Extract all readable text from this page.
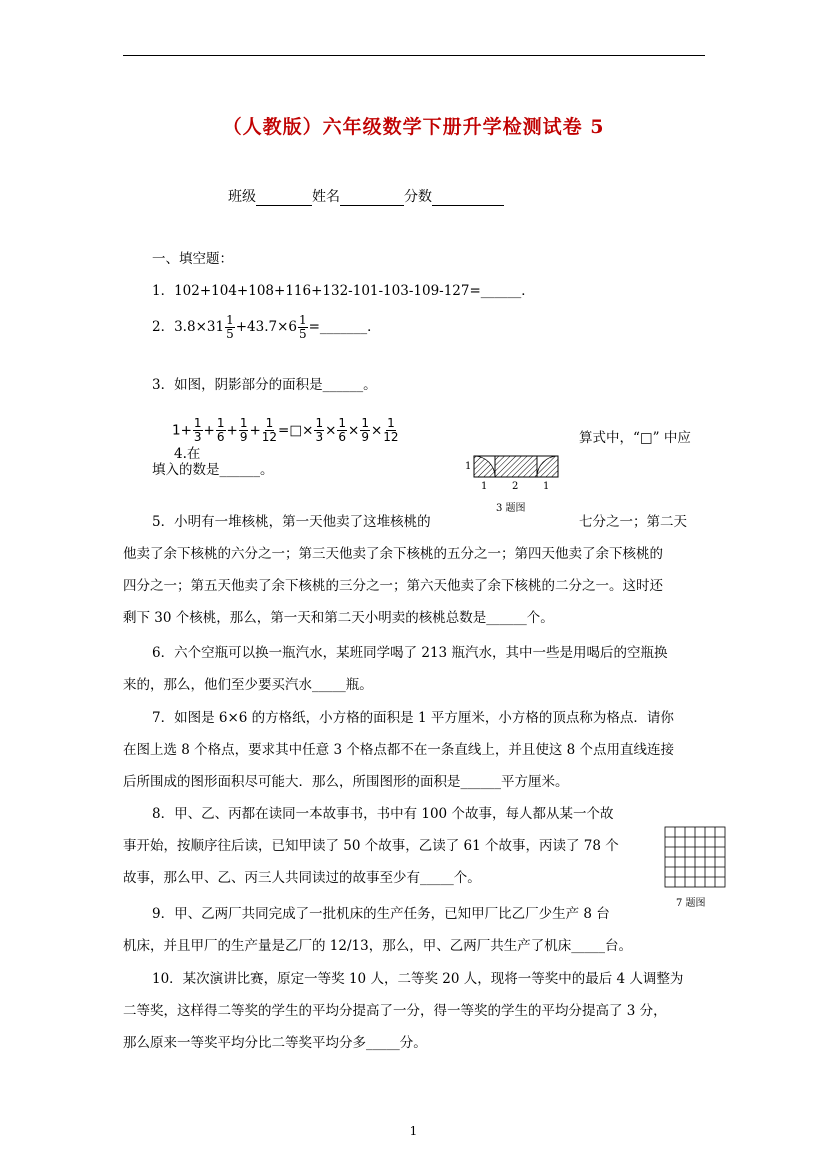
（人教版）六年级数学下册升学检测试卷 5
班级	姓名	分数
一、填空题：
1．102+104+108+116+132-101-103-109-127=______．
2．$3.8\times 31 \frac{1}{5} +43.7\times 6 \frac{1}{5}$ =_______．
3．如图，阴影部分的面积是______。
$1+ \frac{1}{3} + \frac{1}{6} + \frac{1}{9} + \frac{1}{12}$ =□× $\frac{1}{3} \times \frac{1}{6} \times \frac{1}{9} \times \frac{1}{12}$
4.在
算式中，“□” 中应
填入的数是______。	1
1 2 1
3 题图
5．小明有一堆核桃，第一天他卖了这堆核桃的	七分之一；第二天
他卖了余下核桃的六分之一；第三天他卖了余下核桃的五分之一；第四天他卖了余下核桃的
四分之一；第五天他卖了余下核桃的三分之一；第六天他卖了余下核桃的二分之一。这时还
剩下 30 个核桃，那么，第一天和第二天小明卖的核桃总数是______个。
6．六个空瓶可以换一瓶汽水，某班同学喝了 213 瓶汽水，其中一些是用喝后的空瓶换
来的，那么，他们至少要买汽水_____瓶。
7．如图是 6×6 的方格纸，小方格的面积是 1 平方厘米，小方格的顶点称为格点．请你
在图上选 8 个格点，要求其中任意 3 个格点都不在一条直线上，并且使这 8 个点用直线连接
后所围成的图形面积尽可能大．那么，所围图形的面积是______平方厘米。
8．甲、乙、丙都在读同一本故事书，书中有 100 个故事，每人都从某一个故
事开始，按顺序往后读，已知甲读了 50 个故事，乙读了 61 个故事，丙读了 78 个
故事，那么甲、乙、丙三人共同读过的故事至少有_____个。
7 题图
9．甲、乙两厂共同完成了一批机床的生产任务，已知甲厂比乙厂少生产 8 台
机床，并且甲厂的生产量是乙厂的 12/13，那么，甲、乙两厂共生产了机床_____台。
10．某次演讲比赛，原定一等奖 10 人，二等奖 20 人，现将一等奖中的最后 4 人调整为
二等奖，这样得二等奖的学生的平均分提高了一分，得一等奖的学生的平均分提高了 3 分，
那么原来一等奖平均分比二等奖平均分多_____分。
1
